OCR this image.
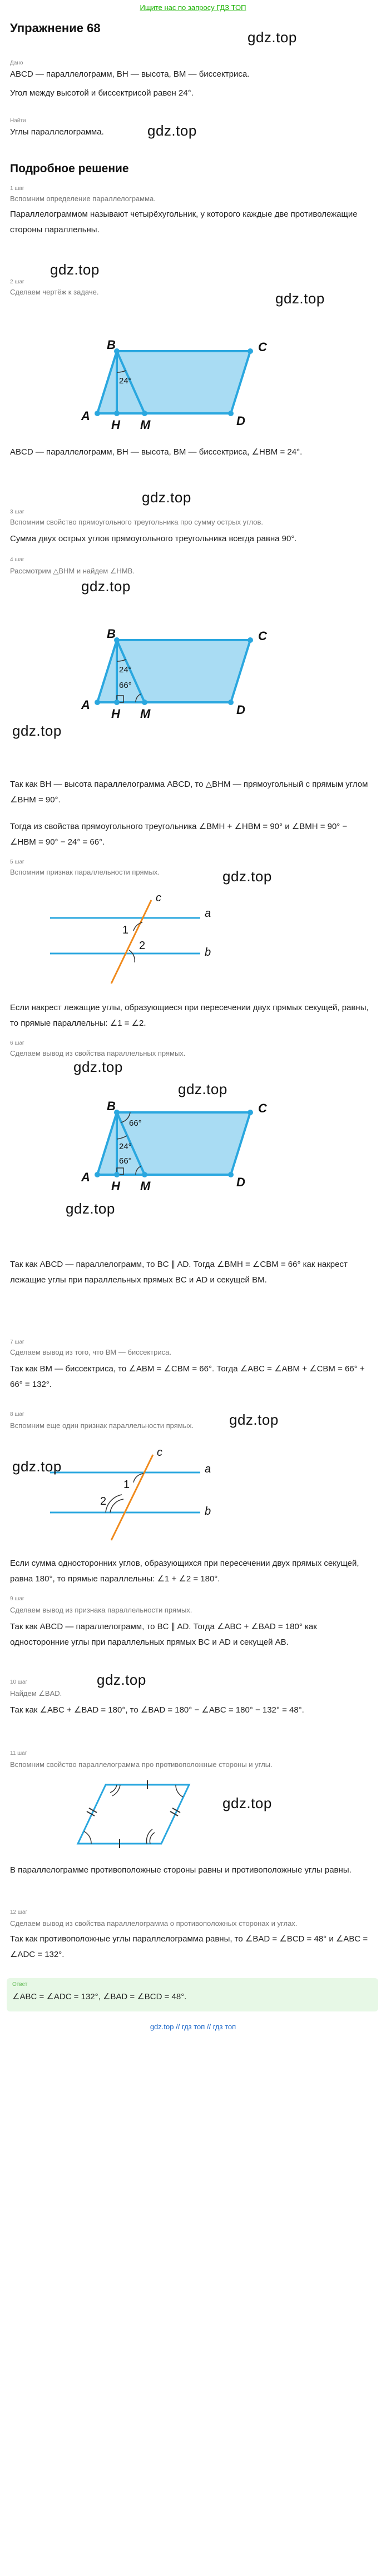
Ищите нас по запросу ГДЗ ТОП
Упражнение 68
gdz.top
Дано
ABCD — параллелограмм, BH — высота, BM — биссектриса.
Угол между высотой и биссектрисой равен 24°.
Найти
Углы параллелограмма.	gdz.top
Подробное решение
1 шаг
Вспомним определение параллелограмма.
Параллелограммом называют четырёхугольник, у которого каждые две противолежащие стороны параллельны.
gdz.top
gdz.top
2 шаг
Сделаем чертёж к задаче.
A
B	C
D
H M
24°
ABCD — параллелограмм, BH — высота, BM — биссектриса, ∠HBM = 24°.
gdz.top
3 шаг
Вспомним свойство прямоугольного треугольника про сумму острых углов.
Сумма двух острых углов прямоугольного треугольника всегда равна 90°.
4 шаг
Рассмотрим △BHM и найдем ∠HMB.
gdz.top
A
B	C
D
H M
24°
66°
gdz.top
Так как BH — высота параллелограмма ABCD, то △BHM — прямоугольный с прямым углом ∠BHM = 90°.
Тогда из свойства прямоугольного треугольника ∠BMH + ∠HBM = 90° и ∠BMH = 90° − ∠HBM = 90° − 24° = 66°.
5 шаг
Вспомним признак параллельности прямых.	gdz.top
c
a
b
1
2
Если накрест лежащие углы, образующиеся при пересечении двух прямых секущей, равны, то прямые параллельны: ∠1 = ∠2.
6 шаг
Сделаем вывод из свойства параллельных прямых.
gdz.top
gdz.top
A
B	C
D
H M
66°
24°
66°
gdz.top
Так как ABCD — параллелограмм, то BC ∥ AD. Тогда ∠BMH = ∠CBM = 66° как накрест лежащие углы при параллельных прямых BC и AD и секущей BM.
7 шаг
Сделаем вывод из того, что BM — биссектриса.
Так как BM — биссектриса, то ∠ABM = ∠CBM = 66°. Тогда ∠ABC = ∠ABM + ∠CBM = 66° + 66° = 132°.
8 шаг
Вспомним еще один признак параллельности прямых.	gdz.top
c
a
b
1
2
gdz.top
Если сумма односторонних углов, образующихся при пересечении двух прямых секущей, равна 180°, то прямые параллельны: ∠1 + ∠2 = 180°.
9 шаг
Сделаем вывод из признака параллельности прямых.
Так как ABCD — параллелограмм, то BC ∥ AD. Тогда ∠ABC + ∠BAD = 180° как односторонние углы при параллельных прямых BC и AD и секущей AB.
10 шаг
Найдем ∠BAD.
gdz.top
Так как ∠ABC + ∠BAD = 180°, то ∠BAD = 180° − ∠ABC = 180° − 132° = 48°.
11 шаг
Вспомним свойство параллелограмма про противоположные стороны и углы.
gdz.top
В параллелограмме противоположные стороны равны и противоположные углы равны.
12 шаг
Сделаем вывод из свойства параллелограмма о противоположных сторонах и углах.
Так как противоположные углы параллелограмма равны, то ∠BAD = ∠BCD = 48° и ∠ABC = ∠ADC = 132°.
Ответ
∠ABC = ∠ADC = 132°, ∠BAD = ∠BCD = 48°.
gdz.top // гдз топ // гдз топ
